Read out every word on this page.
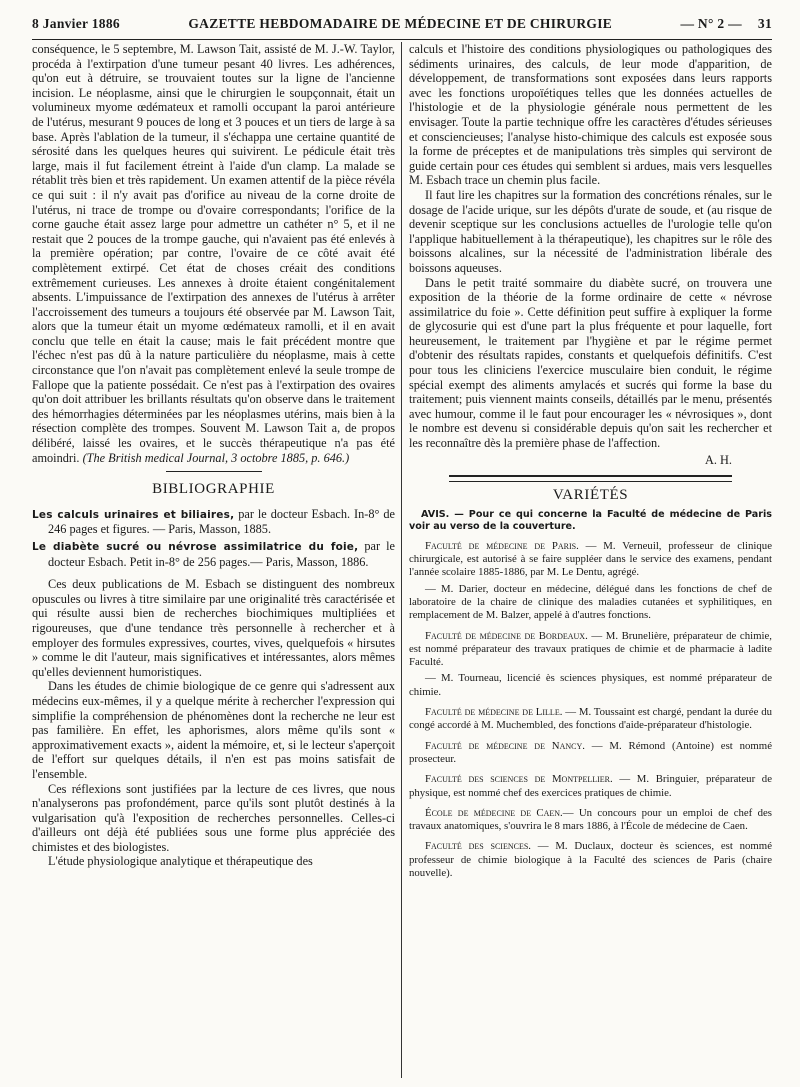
8 Janvier 1886	GAZETTE HEBDOMADAIRE DE MÉDECINE ET DE CHIRURGIE	— N° 2 — 31

conséquence, le 5 septembre, M. Lawson Tait, assisté de M. J.-W. Taylor, procéda à l'extirpation d'une tumeur pesant 40 livres. Les adhérences, qu'on eut à détruire, se trouvaient toutes sur la ligne de l'ancienne incision. Le néoplasme, ainsi que le chirurgien le soupçonnait, était un volumineux myome œdémateux et ramolli occupant la paroi antérieure de l'utérus, mesurant 9 pouces de long et 3 pouces et un tiers de large à sa base. Après l'ablation de la tumeur, il s'échappa une certaine quantité de sérosité dans les quelques heures qui suivirent. Le pédicule était très large, mais il fut facilement étreint à l'aide d'un clamp. La malade se rétablit très bien et très rapidement. Un examen attentif de la pièce révéla ce qui suit : il n'y avait pas d'orifice au niveau de la corne droite de l'utérus, ni trace de trompe ou d'ovaire correspondants; l'orifice de la corne gauche était assez large pour admettre un cathéter n° 5, et il ne restait que 2 pouces de la trompe gauche, qui n'avaient pas été enlevés à la première opération; par contre, l'ovaire de ce côté avait été complètement extirpé. Cet état de choses créait des conditions extrêmement curieuses. Les annexes à droite étaient congénitalement absents. L'impuissance de l'extirpation des annexes de l'utérus à arrêter l'accroissement des tumeurs a toujours été observée par M. Lawson Tait, alors que la tumeur était un myome œdémateux ramolli, et il en avait conclu que telle en était la cause; mais le fait précédent montre que l'échec n'est pas dû à la nature particulière du néoplasme, mais à cette circonstance que l'on n'avait pas complètement enlevé la seule trompe de Fallope que la patiente possédait. Ce n'est pas à l'extirpation des ovaires qu'on doit attribuer les brillants résultats qu'on observe dans le traitement des hémorrhagies déterminées par les néoplasmes utérins, mais bien à la résection complète des trompes. Souvent M. Lawson Tait a, de propos délibéré, laissé les ovaires, et le succès thérapeutique n'a pas été amoindri. (The British medical Journal, 3 octobre 1885, p. 646.)

BIBLIOGRAPHIE

Les calculs urinaires et biliaires, par le docteur Esbach. In-8° de 246 pages et figures. — Paris, Masson, 1885.

Le diabète sucré ou névrose assimilatrice du foie, par le docteur Esbach. Petit in-8° de 256 pages.— Paris, Masson, 1886.

Ces deux publications de M. Esbach se distinguent des nombreux opuscules ou livres à titre similaire par une originalité très caractérisée et qui résulte aussi bien de recherches biochimiques multipliées et rigoureuses, que d'une tendance très personnelle à rechercher et à employer des formules expressives, courtes, vives, quelquefois « hirsutes » comme le dit l'auteur, mais significatives et intéressantes, alors mêmes qu'elles deviennent humoristiques.

Dans les études de chimie biologique de ce genre qui s'adressent aux médecins eux-mêmes, il y a quelque mérite à rechercher l'expression qui simplifie la compréhension de phénomènes dont la recherche ne leur est pas familière. En effet, les aphorismes, alors même qu'ils sont « approximativement exacts », aident la mémoire, et, si le lecteur s'aperçoit de l'effort sur quelques détails, il n'en est pas moins satisfait de l'ensemble.

Ces réflexions sont justifiées par la lecture de ces livres, que nous n'analyserons pas profondément, parce qu'ils sont plutôt destinés à la vulgarisation qu'à l'exposition de recherches personnelles. Celles-ci d'ailleurs ont déjà été publiées sous une forme plus appréciée des chimistes et des biologistes.

L'étude physiologique analytique et thérapeutique des

calculs et l'histoire des conditions physiologiques ou pathologiques des sédiments urinaires, des calculs, de leur mode d'apparition, de développement, de transformations sont exposées dans leurs rapports avec les fonctions uropoïétiques telles que les données actuelles de l'histologie et de la physiologie générale nous permettent de les envisager. Toute la partie technique offre les caractères d'études sérieuses et consciencieuses; l'analyse histo-chimique des calculs est exposée sous la forme de préceptes et de manipulations très simples qui serviront de guide certain pour ces études qui semblent si ardues, mais vers lesquelles M. Esbach trace un chemin plus facile.

Il faut lire les chapitres sur la formation des concrétions rénales, sur le dosage de l'acide urique, sur les dépôts d'urate de soude, et (au risque de devenir sceptique sur les conclusions actuelles de l'urologie telle qu'on l'applique habituellement à la thérapeutique), les chapitres sur le rôle des boissons alcalines, sur la nécessité de l'administration libérale des boissons aqueuses.

Dans le petit traité sommaire du diabète sucré, on trouvera une exposition de la théorie de la forme ordinaire de cette « névrose assimilatrice du foie ». Cette définition peut suffire à expliquer la forme de glycosurie qui est d'une part la plus fréquente et pour laquelle, fort heureusement, le traitement par l'hygiène et par le régime permet d'obtenir des résultats rapides, constants et quelquefois définitifs. C'est pour tous les cliniciens l'exercice musculaire bien conduit, le régime spécial exempt des aliments amylacés et sucrés qui forme la base du traitement; puis viennent maints conseils, détaillés par le menu, présentés avec humour, comme il le faut pour encourager les « névrosiques », dont le nombre est devenu si considérable depuis qu'on sait les rechercher et les reconnaître dès la première phase de l'affection.

A. H.
VARIÉTÉS

AVIS. — Pour ce qui concerne la Faculté de médecine de Paris voir au verso de la couverture.

Faculté de médecine de Paris. — M. Verneuil, professeur de clinique chirurgicale, est autorisé à se faire suppléer dans le service des examens, pendant l'année scolaire 1885-1886, par M. Le Dentu, agrégé.

— M. Darier, docteur en médecine, délégué dans les fonctions de chef de laboratoire de la chaire de clinique des maladies cutanées et syphilitiques, en remplacement de M. Balzer, appelé à d'autres fonctions.

Faculté de médecine de Bordeaux. — M. Brunelière, préparateur de chimie, est nommé préparateur des travaux pratiques de chimie et de pharmacie à ladite Faculté.

— M. Tourneau, licencié ès sciences physiques, est nommé préparateur de chimie.

Faculté de médecine de Lille. — M. Toussaint est chargé, pendant la durée du congé accordé à M. Muchembled, des fonctions d'aide-préparateur d'histologie.

Faculté de médecine de Nancy. — M. Rémond (Antoine) est nommé prosecteur.

Faculté des sciences de Montpellier. — M. Bringuier, préparateur de physique, est nommé chef des exercices pratiques de chimie.

École de médecine de Caen.— Un concours pour un emploi de chef des travaux anatomiques, s'ouvrira le 8 mars 1886, à l'École de médecine de Caen.

Faculté des sciences. — M. Duclaux, docteur ès sciences, est nommé professeur de chimie biologique à la Faculté des sciences de Paris (chaire nouvelle).
